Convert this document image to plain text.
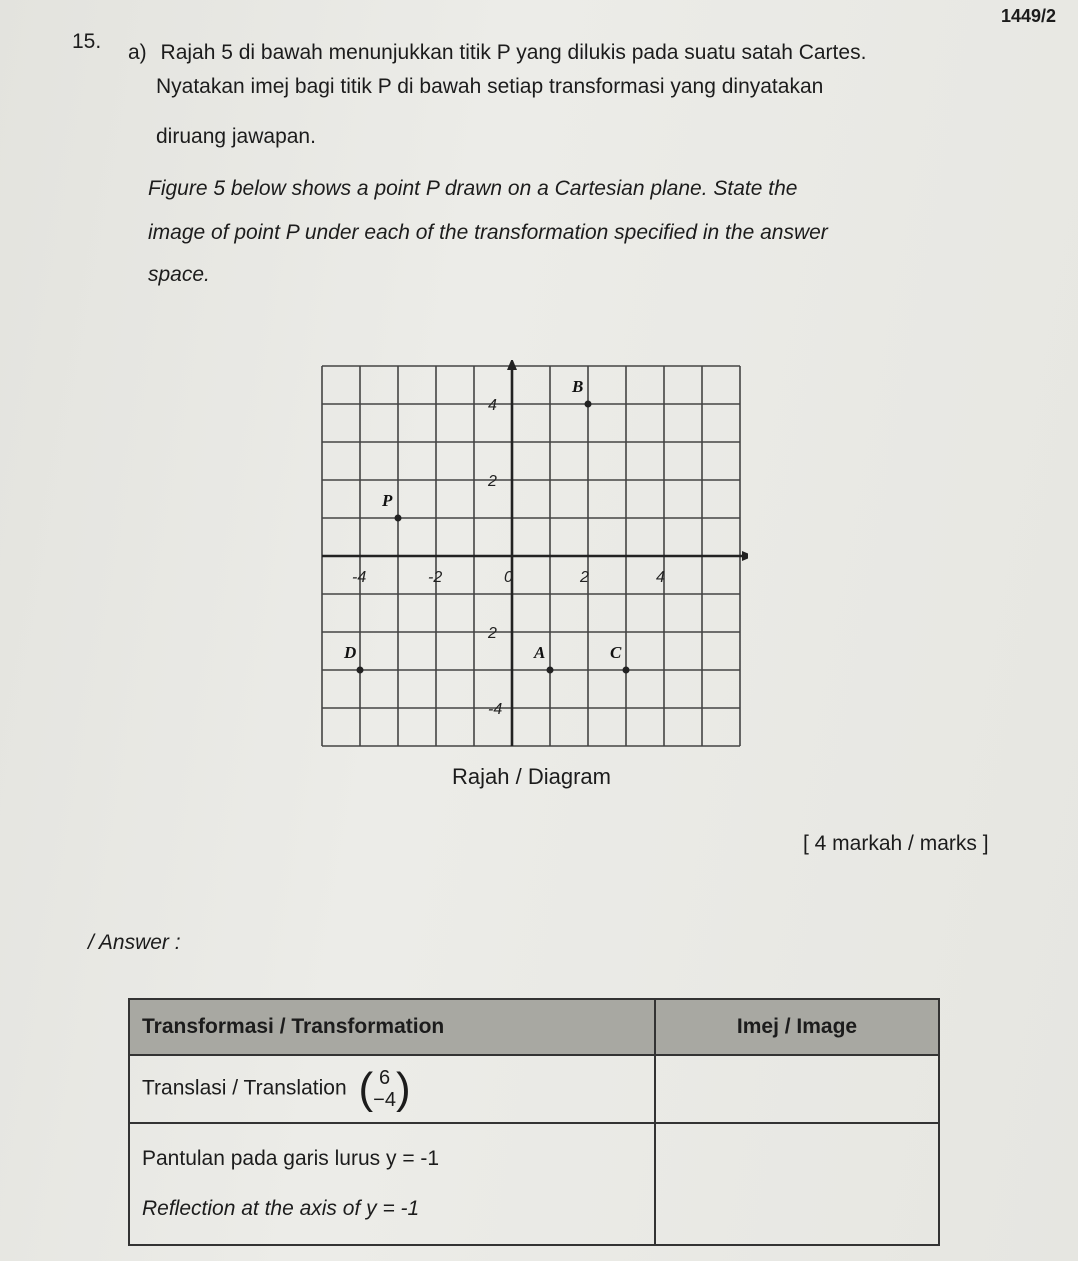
1449/2
15. a) Rajah 5 di bawah menunjukkan titik P yang dilukis pada suatu satah Cartes.
Nyatakan imej bagi titik P di bawah setiap transformasi yang dinyatakan
diruang jawapan.
Figure 5 below shows a point P drawn on a Cartesian plane. State the
image of point P under each of the transformation specified in the answer
space.
-4	-2	0	2	4
4
2
2
-4
P
B
A	C
D
Rajah / Diagram
[ 4 markah / marks ]
/ Answer :
Transformasi / Transformation	Imej / Image
Translasi / Translation ( 6
−4)	
Pantulan pada garis lurus y = -1
Reflection at the axis of y = -1	
